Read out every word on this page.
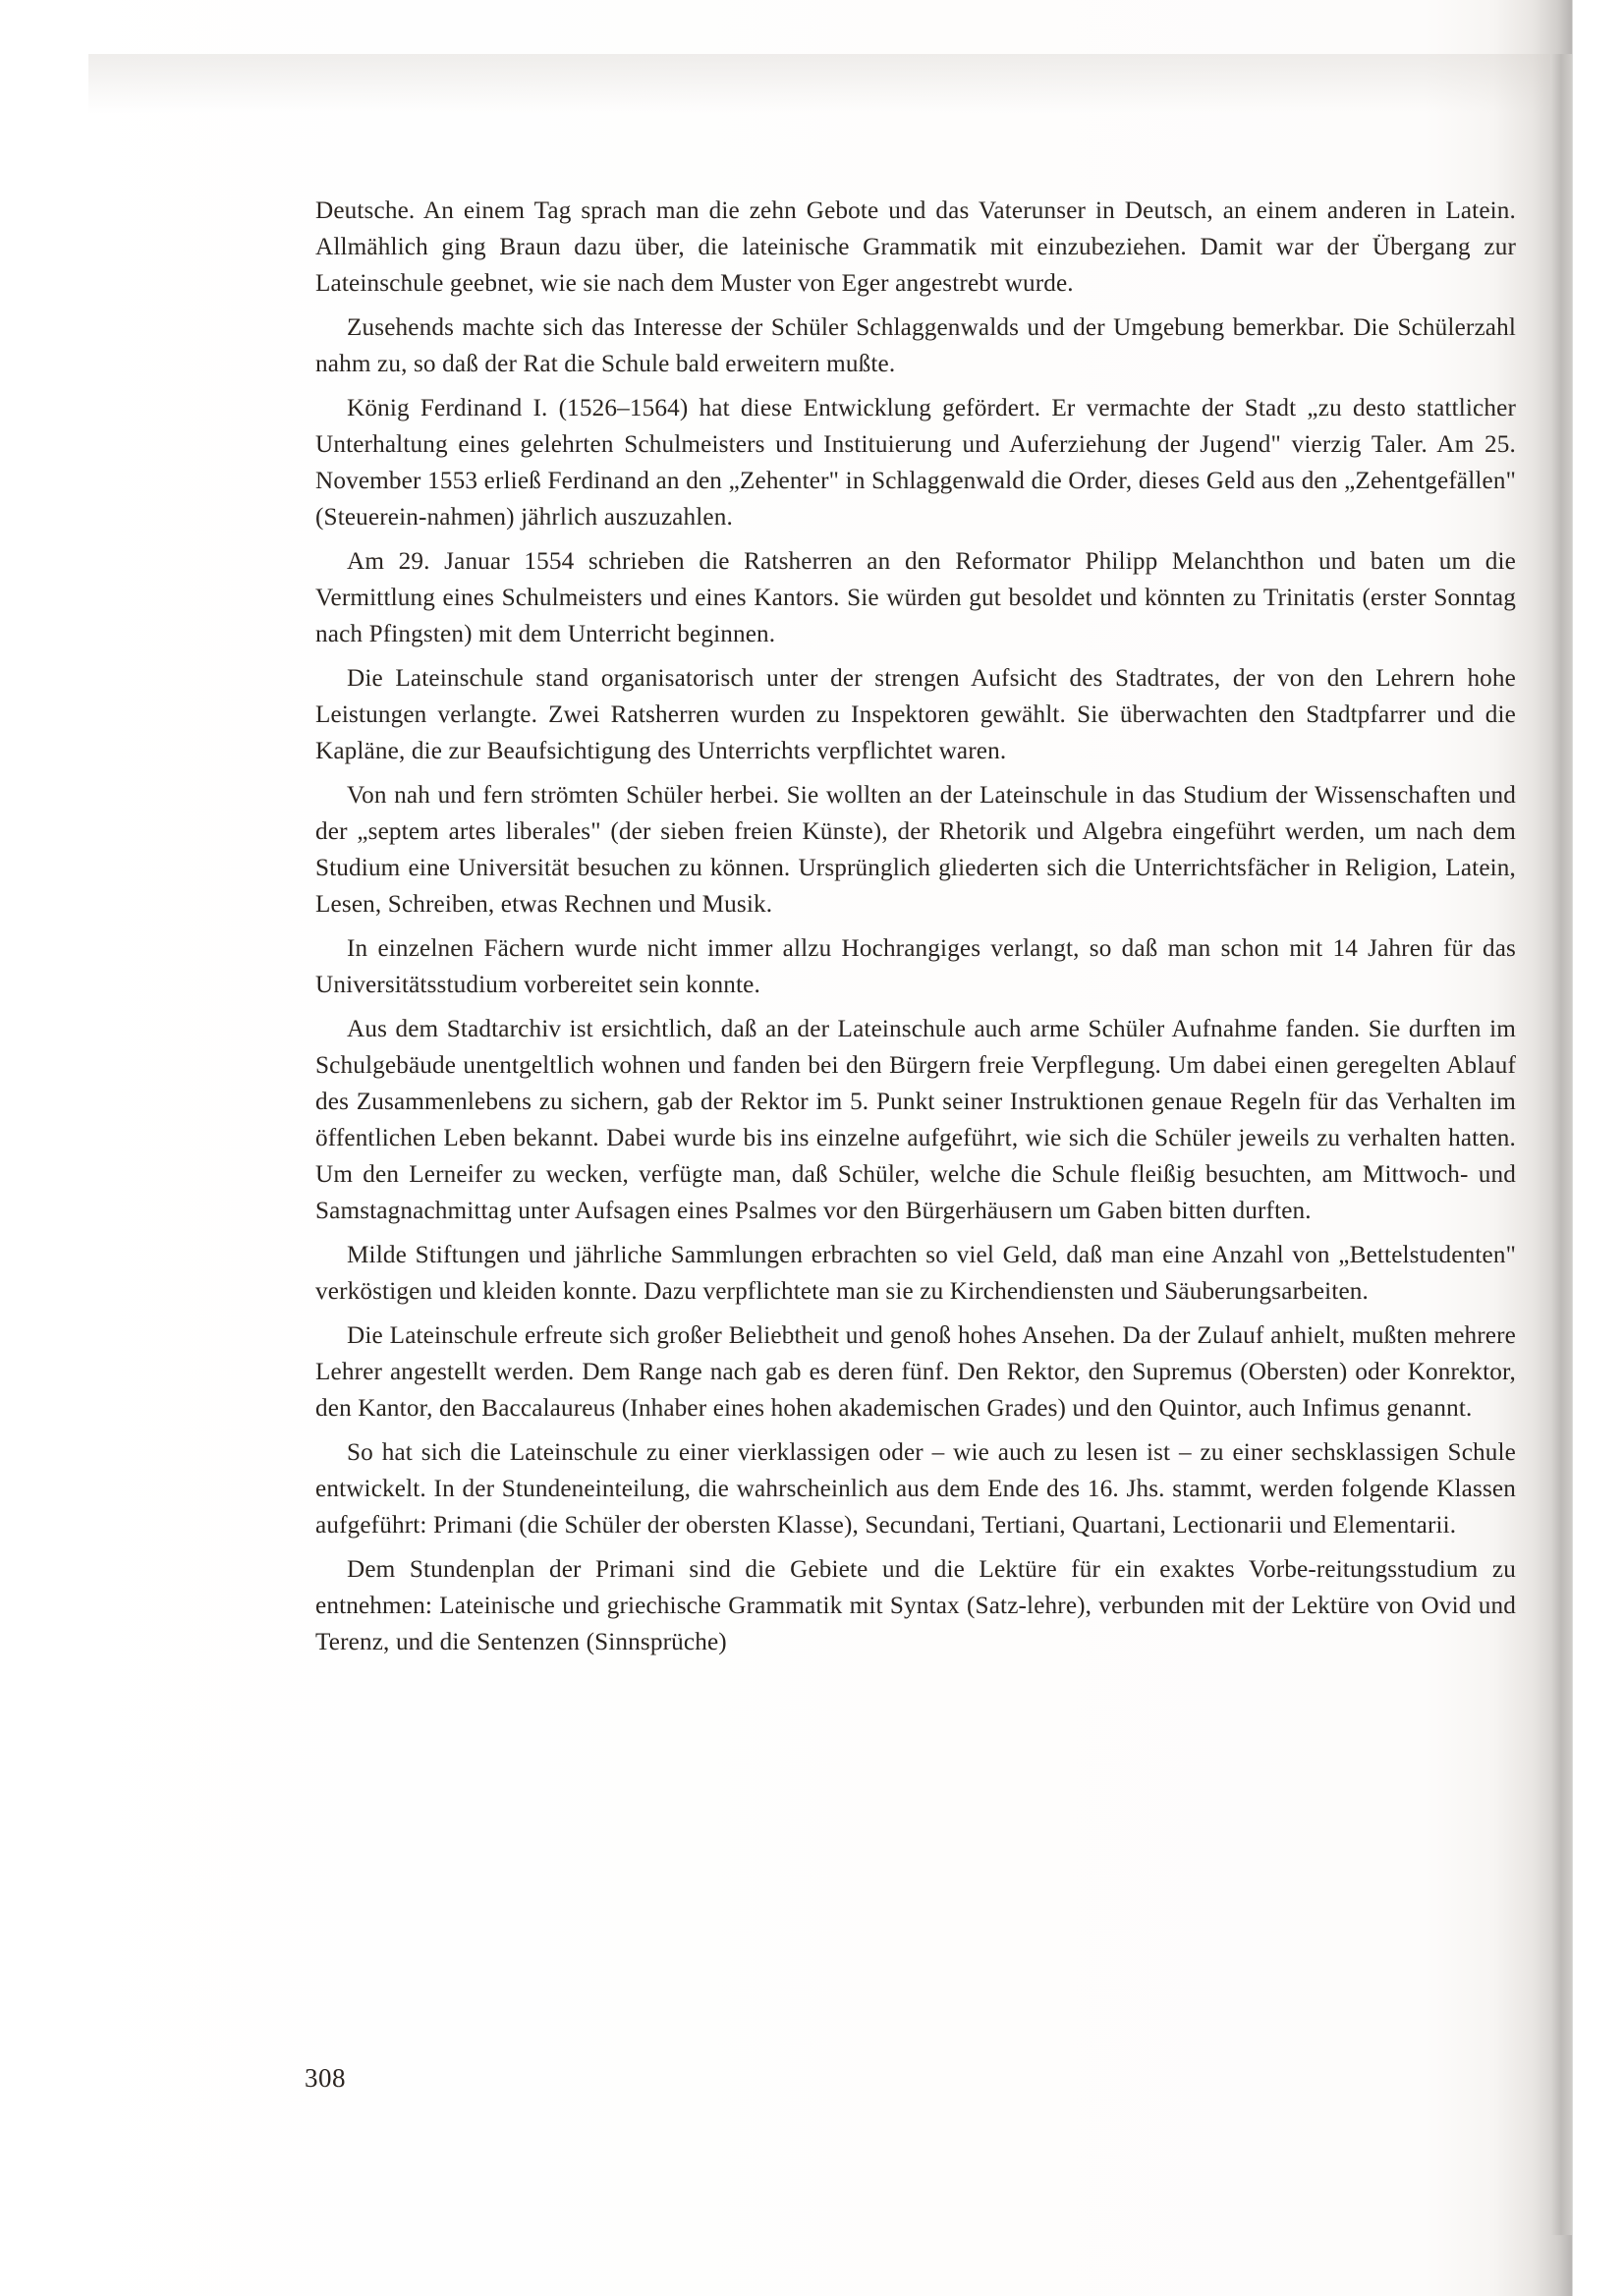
Deutsche. An einem Tag sprach man die zehn Gebote und das Vaterunser in Deutsch, an einem anderen in Latein. Allmählich ging Braun dazu über, die lateinische Grammatik mit einzubeziehen. Damit war der Übergang zur Lateinschule geebnet, wie sie nach dem Muster von Eger angestrebt wurde.

Zusehends machte sich das Interesse der Schüler Schlaggenwalds und der Umgebung bemerkbar. Die Schülerzahl nahm zu, so daß der Rat die Schule bald erweitern mußte.

König Ferdinand I. (1526–1564) hat diese Entwicklung gefördert. Er vermachte der Stadt „zu desto stattlicher Unterhaltung eines gelehrten Schulmeisters und Instituierung und Auferziehung der Jugend" vierzig Taler. Am 25. November 1553 erließ Ferdinand an den „Zehenter" in Schlaggenwald die Order, dieses Geld aus den „Zehentgefällen" (Steuerein-nahmen) jährlich auszuzahlen.

Am 29. Januar 1554 schrieben die Ratsherren an den Reformator Philipp Melanchthon und baten um die Vermittlung eines Schulmeisters und eines Kantors. Sie würden gut besoldet und könnten zu Trinitatis (erster Sonntag nach Pfingsten) mit dem Unterricht beginnen.

Die Lateinschule stand organisatorisch unter der strengen Aufsicht des Stadtrates, der von den Lehrern hohe Leistungen verlangte. Zwei Ratsherren wurden zu Inspektoren gewählt. Sie überwachten den Stadtpfarrer und die Kapläne, die zur Beaufsichtigung des Unterrichts verpflichtet waren.

Von nah und fern strömten Schüler herbei. Sie wollten an der Lateinschule in das Studium der Wissenschaften und der „septem artes liberales" (der sieben freien Künste), der Rhetorik und Algebra eingeführt werden, um nach dem Studium eine Universität besuchen zu können. Ursprünglich gliederten sich die Unterrichtsfächer in Religion, Latein, Lesen, Schreiben, etwas Rechnen und Musik.

In einzelnen Fächern wurde nicht immer allzu Hochrangiges verlangt, so daß man schon mit 14 Jahren für das Universitätsstudium vorbereitet sein konnte.

Aus dem Stadtarchiv ist ersichtlich, daß an der Lateinschule auch arme Schüler Aufnahme fanden. Sie durften im Schulgebäude unentgeltlich wohnen und fanden bei den Bürgern freie Verpflegung. Um dabei einen geregelten Ablauf des Zusammenlebens zu sichern, gab der Rektor im 5. Punkt seiner Instruktionen genaue Regeln für das Verhalten im öffentlichen Leben bekannt. Dabei wurde bis ins einzelne aufgeführt, wie sich die Schüler jeweils zu verhalten hatten. Um den Lerneifer zu wecken, verfügte man, daß Schüler, welche die Schule fleißig besuchten, am Mittwoch- und Samstagnachmittag unter Aufsagen eines Psalmes vor den Bürgerhäusern um Gaben bitten durften.

Milde Stiftungen und jährliche Sammlungen erbrachten so viel Geld, daß man eine Anzahl von „Bettelstudenten" verköstigen und kleiden konnte. Dazu verpflichtete man sie zu Kirchendiensten und Säuberungsarbeiten.

Die Lateinschule erfreute sich großer Beliebtheit und genoß hohes Ansehen. Da der Zulauf anhielt, mußten mehrere Lehrer angestellt werden. Dem Range nach gab es deren fünf. Den Rektor, den Supremus (Obersten) oder Konrektor, den Kantor, den Baccalaureus (Inhaber eines hohen akademischen Grades) und den Quintor, auch Infimus genannt.

So hat sich die Lateinschule zu einer vierklassigen oder – wie auch zu lesen ist – zu einer sechsklassigen Schule entwickelt. In der Stundeneinteilung, die wahrscheinlich aus dem Ende des 16. Jhs. stammt, werden folgende Klassen aufgeführt: Primani (die Schüler der obersten Klasse), Secundani, Tertiani, Quartani, Lectionarii und Elementarii.

Dem Stundenplan der Primani sind die Gebiete und die Lektüre für ein exaktes Vorbe-reitungsstudium zu entnehmen: Lateinische und griechische Grammatik mit Syntax (Satz-lehre), verbunden mit der Lektüre von Ovid und Terenz, und die Sentenzen (Sinnsprüche)

308
